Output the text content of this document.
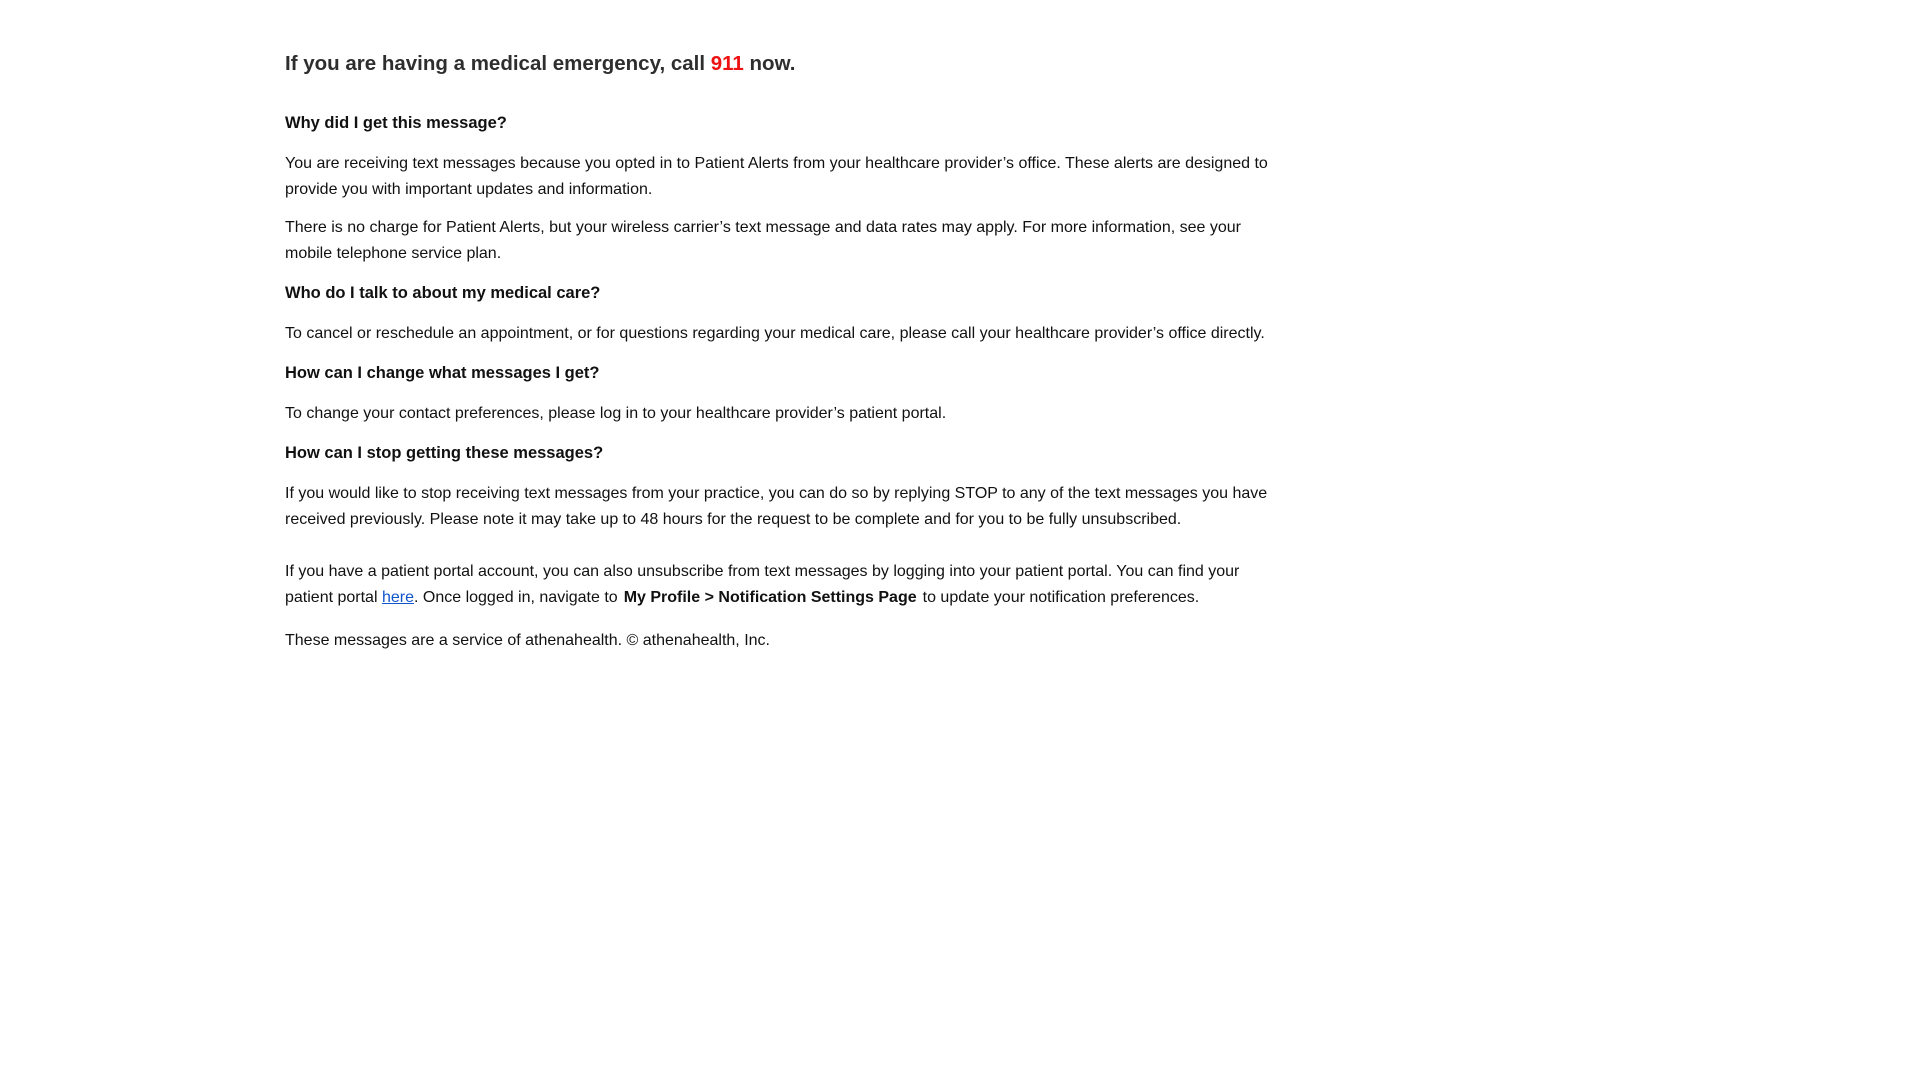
If you are having a medical emergency, call 911 now.
Why did I get this message?

You are receiving text messages because you opted in to Patient Alerts from your healthcare provider’s office. These alerts are designed to provide you with important updates and information.

There is no charge for Patient Alerts, but your wireless carrier’s text message and data rates may apply. For more information, see your mobile telephone service plan.

Who do I talk to about my medical care?

To cancel or reschedule an appointment, or for questions regarding your medical care, please call your healthcare provider’s office directly.

How can I change what messages I get?

To change your contact preferences, please log in to your healthcare provider’s patient portal.

How can I stop getting these messages?

If you would like to stop receiving text messages from your practice, you can do so by replying STOP to any of the text messages you have received previously. Please note it may take up to 48 hours for the request to be complete and for you to be fully unsubscribed.

If you have a patient portal account, you can also unsubscribe from text messages by logging into your patient portal. You can find your patient portal here. Once logged in, navigate to My Profile > Notification Settings Page to update your notification preferences.

These messages are a service of athenahealth. © athenahealth, Inc.
